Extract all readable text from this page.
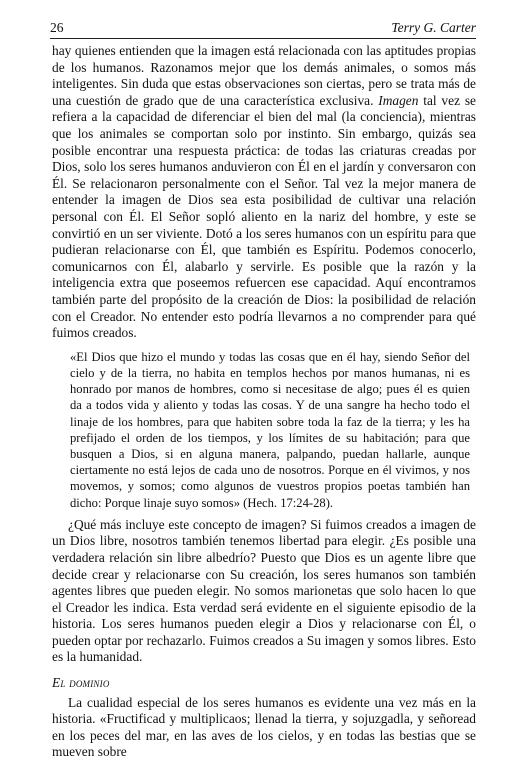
26	Terry G. Carter

hay quienes entienden que la imagen está relacionada con las aptitudes propias de los humanos. Razonamos mejor que los demás animales, o somos más inteligentes. Sin duda que estas observaciones son ciertas, pero se trata más de una cuestión de grado que de una característica exclusiva. Imagen tal vez se refiera a la capacidad de diferenciar el bien del mal (la conciencia), mientras que los animales se comportan solo por instinto. Sin embargo, quizás sea posible encontrar una respuesta práctica: de todas las criaturas creadas por Dios, solo los seres humanos anduvieron con Él en el jardín y conversaron con Él. Se relacionaron personalmente con el Señor. Tal vez la mejor manera de entender la imagen de Dios sea esta posibilidad de cultivar una relación personal con Él. El Señor sopló aliento en la nariz del hombre, y este se convirtió en un ser viviente. Dotó a los seres humanos con un espíritu para que pudieran relacionarse con Él, que también es Espíritu. Podemos conocerlo, comunicarnos con Él, alabarlo y servirle. Es posible que la razón y la inteligencia extra que poseemos refuercen ese capacidad. Aquí encontramos también parte del propósito de la creación de Dios: la posibilidad de relación con el Creador. No entender esto podría llevarnos a no comprender para qué fuimos creados.

«El Dios que hizo el mundo y todas las cosas que en él hay, siendo Señor del cielo y de la tierra, no habita en templos hechos por manos humanas, ni es honrado por manos de hombres, como si necesitase de algo; pues él es quien da a todos vida y aliento y todas las cosas. Y de una sangre ha hecho todo el linaje de los hombres, para que habiten sobre toda la faz de la tierra; y les ha prefijado el orden de los tiempos, y los límites de su habitación; para que busquen a Dios, si en alguna manera, palpando, puedan hallarle, aunque ciertamente no está lejos de cada uno de nosotros. Porque en él vivimos, y nos movemos, y somos; como algunos de vuestros propios poetas también han dicho: Porque linaje suyo somos» (Hech. 17:24-28).

¿Qué más incluye este concepto de imagen? Si fuimos creados a imagen de un Dios libre, nosotros también tenemos libertad para elegir. ¿Es posible una verdadera relación sin libre albedrío? Puesto que Dios es un agente libre que decide crear y relacionarse con Su creación, los seres humanos son también agentes libres que pueden elegir. No somos marionetas que solo hacen lo que el Creador les indica. Esta verdad será evidente en el siguiente episodio de la historia. Los seres humanos pueden elegir a Dios y relacionarse con Él, o pueden optar por rechazarlo. Fuimos creados a Su imagen y somos libres. Esto es la humanidad.

El dominio

La cualidad especial de los seres humanos es evidente una vez más en la historia. «Fructificad y multiplicaos; llenad la tierra, y sojuzgadla, y señoread en los peces del mar, en las aves de los cielos, y en todas las bestias que se mueven sobre
